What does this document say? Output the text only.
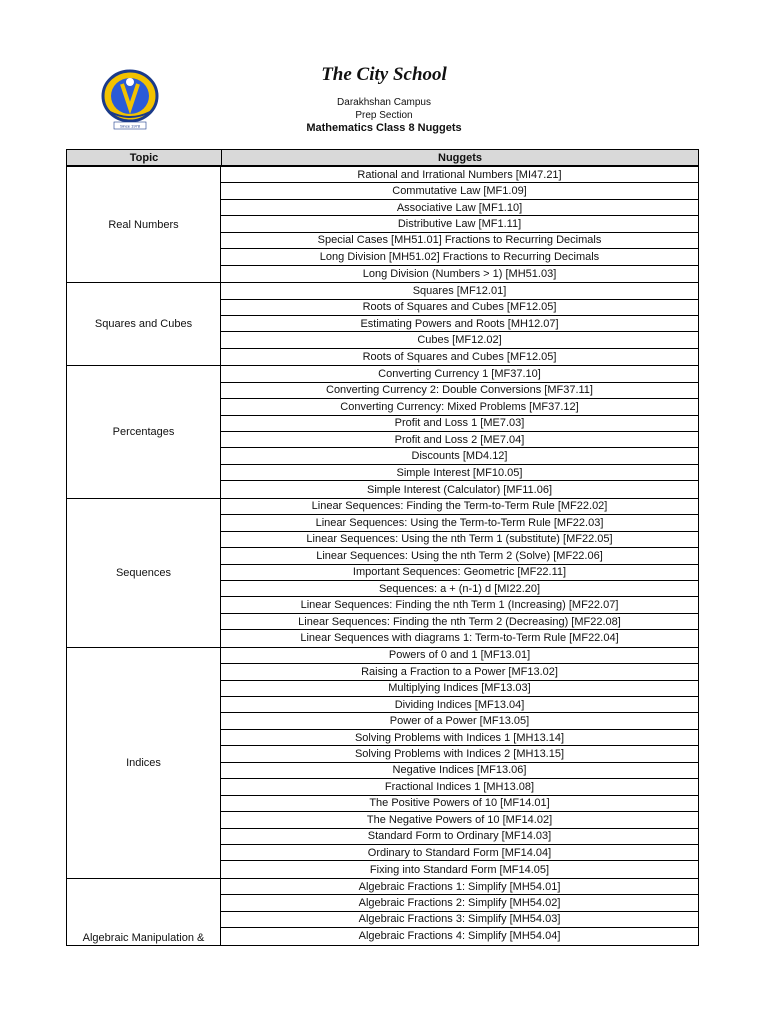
Since 1978
The City School
Darakhshan Campus
Prep Section
Mathematics Class 8 Nuggets
Topic	Nuggets
Real Numbers
Rational and Irrational Numbers [MI47.21]
Commutative Law [MF1.09]
Associative Law [MF1.10]
Distributive Law [MF1.11]
Special Cases [MH51.01] Fractions to Recurring Decimals
Long Division [MH51.02] Fractions to Recurring Decimals
Long Division (Numbers > 1) [MH51.03]
Squares and Cubes
Squares [MF12.01]
Roots of Squares and Cubes [MF12.05]
Estimating Powers and Roots [MH12.07]
Cubes [MF12.02]
Roots of Squares and Cubes [MF12.05]
Percentages
Converting Currency 1 [MF37.10]
Converting Currency 2: Double Conversions [MF37.11]
Converting Currency: Mixed Problems [MF37.12]
Profit and Loss 1 [ME7.03]
Profit and Loss 2 [ME7.04]
Discounts [MD4.12]
Simple Interest [MF10.05]
Simple Interest (Calculator) [MF11.06]
Sequences
Linear Sequences: Finding the Term-to-Term Rule [MF22.02]
Linear Sequences: Using the Term-to-Term Rule [MF22.03]
Linear Sequences: Using the nth Term 1 (substitute) [MF22.05]
Linear Sequences: Using the nth Term 2 (Solve) [MF22.06]
Important Sequences: Geometric [MF22.11]
Sequences: a + (n-1) d [MI22.20]
Linear Sequences: Finding the nth Term 1 (Increasing) [MF22.07]
Linear Sequences: Finding the nth Term 2 (Decreasing) [MF22.08]
Linear Sequences with diagrams 1: Term-to-Term Rule [MF22.04]
Indices
Powers of 0 and 1 [MF13.01]
Raising a Fraction to a Power [MF13.02]
Multiplying Indices [MF13.03]
Dividing Indices [MF13.04]
Power of a Power [MF13.05]
Solving Problems with Indices 1 [MH13.14]
Solving Problems with Indices 2 [MH13.15]
Negative Indices [MF13.06]
Fractional Indices 1 [MH13.08]
The Positive Powers of 10 [MF14.01]
The Negative Powers of 10 [MF14.02]
Standard Form to Ordinary [MF14.03]
Ordinary to Standard Form [MF14.04]
Fixing into Standard Form [MF14.05]
Algebraic Manipulation &
Algebraic Fractions 1: Simplify [MH54.01]
Algebraic Fractions 2: Simplify [MH54.02]
Algebraic Fractions 3: Simplify [MH54.03]
Algebraic Fractions 4: Simplify [MH54.04]
